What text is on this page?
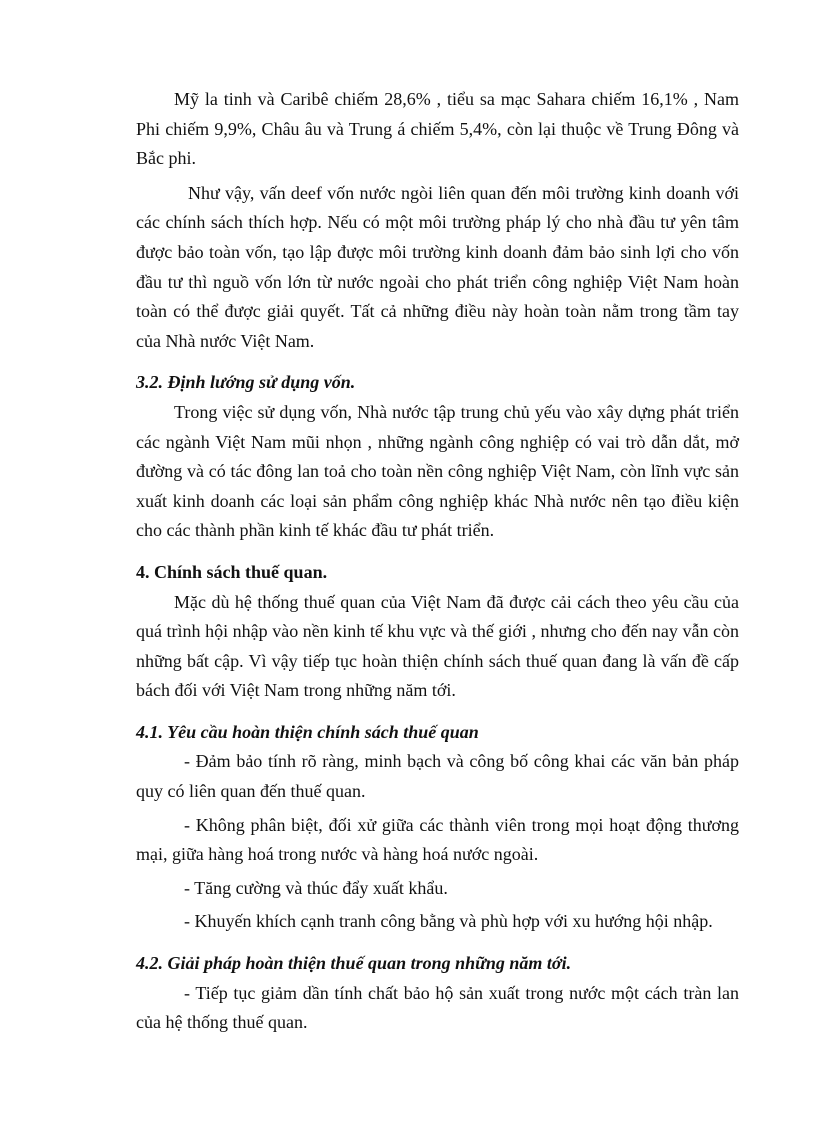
Mỹ la tinh và Caribê chiếm 28,6% , tiểu sa mạc Sahara chiếm 16,1% , Nam Phi chiếm 9,9%, Châu âu và Trung á chiếm 5,4%, còn lại thuộc về Trung Đông và Bắc phi.

Như vậy, vấn deef vốn nước ngòi liên quan đến môi trường kinh doanh với các chính sách thích hợp. Nếu có một môi trường pháp lý cho nhà đầu tư yên tâm được bảo toàn vốn, tạo lập được môi trường kinh doanh đảm bảo sinh lợi cho vốn đầu tư thì nguồ vốn lớn từ nước ngoài cho phát triển công nghiệp Việt Nam hoàn toàn có thể được giải quyết. Tất cả những điều này hoàn toàn nằm trong tầm tay của Nhà nước Việt Nam.

3.2. Định lướng sử dụng vốn.

Trong việc sử dụng vốn, Nhà nước tập trung chủ yếu vào xây dựng phát triển các ngành Việt Nam mũi nhọn , những ngành công nghiệp có vai trò dẫn dắt, mở đường và có tác đông lan toả cho toàn nền công nghiệp Việt Nam, còn lĩnh vực sản xuất kinh doanh các loại sản phẩm công nghiệp khác Nhà nước nên tạo điều kiện cho các thành phần kinh tế khác đầu tư phát triển.

4. Chính sách thuế quan.

Mặc dù hệ thống thuế quan của Việt Nam đã được cải cách theo yêu cầu của quá trình hội nhập vào nền kinh tế khu vực và thế giới , nhưng cho đến nay vẫn còn những bất cập. Vì vậy tiếp tục hoàn thiện chính sách thuế quan đang là vấn đề cấp bách đối với Việt Nam trong những năm tới.

4.1. Yêu cầu hoàn thiện chính sách thuế quan

- Đảm bảo tính rõ ràng, minh bạch và công bố công khai các văn bản pháp quy có liên quan đến thuế quan.

- Không phân biệt, đối xử giữa các thành viên trong mọi hoạt động thương mại, giữa hàng hoá trong nước và hàng hoá nước ngoài.

- Tăng cường và thúc đẩy xuất khẩu.

- Khuyến khích cạnh tranh công bằng và phù hợp với xu hướng hội nhập.

4.2. Giải pháp hoàn thiện thuế quan trong những năm tới.

- Tiếp tục giảm dần tính chất bảo hộ sản xuất trong nước một cách tràn lan của hệ thống thuế quan.
